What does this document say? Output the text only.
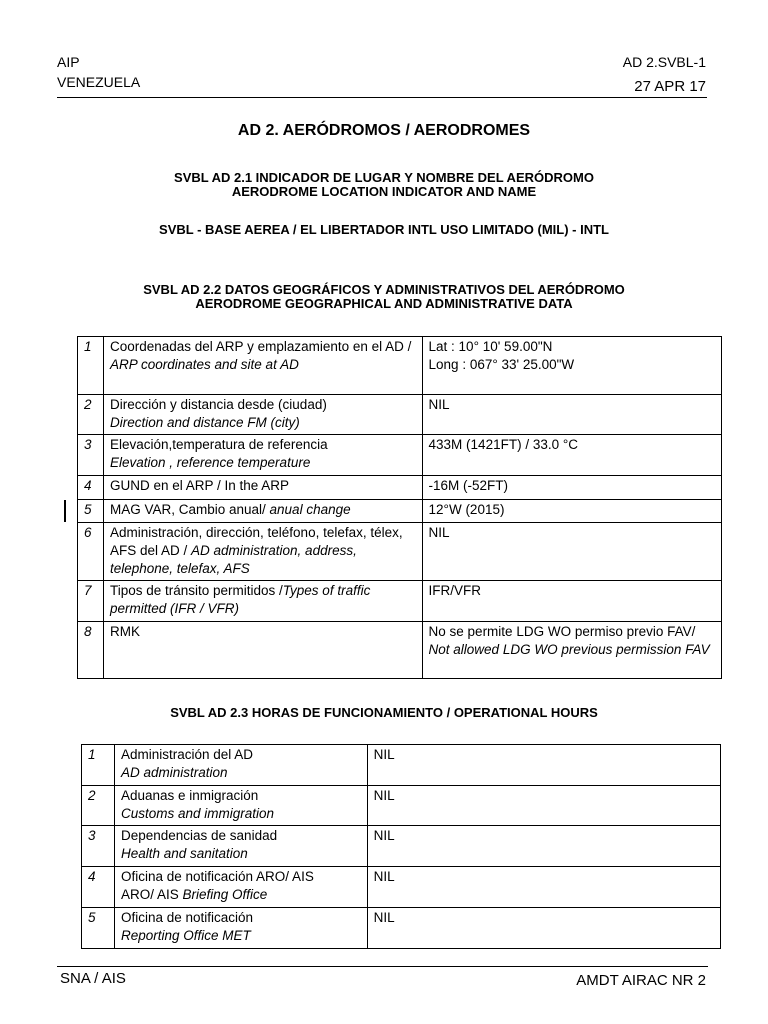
AIP
VENEZUELA
AD 2.SVBL-1
27 APR 17
AD 2. AERÓDROMOS / AERODROMES
SVBL AD 2.1 INDICADOR DE LUGAR Y NOMBRE DEL AERÓDROMO
AERODROME LOCATION INDICATOR AND NAME
SVBL - BASE AEREA / EL LIBERTADOR INTL USO LIMITADO (MIL) - INTL
SVBL AD 2.2 DATOS GEOGRÁFICOS Y ADMINISTRATIVOS DEL AERÓDROMO
AERODROME GEOGRAPHICAL AND ADMINISTRATIVE DATA
1	Coordenadas del ARP y emplazamiento en el AD / ARP coordinates and site at AD	Lat : 10° 10' 59.00"N
Long : 067° 33' 25.00"W

2	Dirección y distancia desde (ciudad)
Direction and distance FM (city)	NIL
3	Elevación,temperatura de referencia
Elevation , reference temperature	433M (1421FT) / 33.0 °C
4	GUND en el ARP / In the ARP	-16M (-52FT)
5	MAG VAR, Cambio anual/ anual change	12°W (2015)
6	Administración, dirección, teléfono, telefax, télex, AFS del AD / AD administration, address, telephone, telefax, AFS	NIL
7	Tipos de tránsito permitidos /Types of traffic permitted (IFR / VFR)	IFR/VFR
8	RMK	No se permite LDG WO permiso previo FAV/
Not allowed LDG WO previous permission FAV
SVBL AD 2.3 HORAS DE FUNCIONAMIENTO / OPERATIONAL HOURS
1	Administración del AD
AD administration	NIL
2	Aduanas e inmigración
Customs and immigration	NIL
3	Dependencias de sanidad
Health and sanitation	NIL
4	Oficina de notificación ARO/ AIS
ARO/ AIS Briefing Office	NIL
5	Oficina de notificación
Reporting Office MET	NIL
SNA / AIS	AMDT AIRAC NR 2
